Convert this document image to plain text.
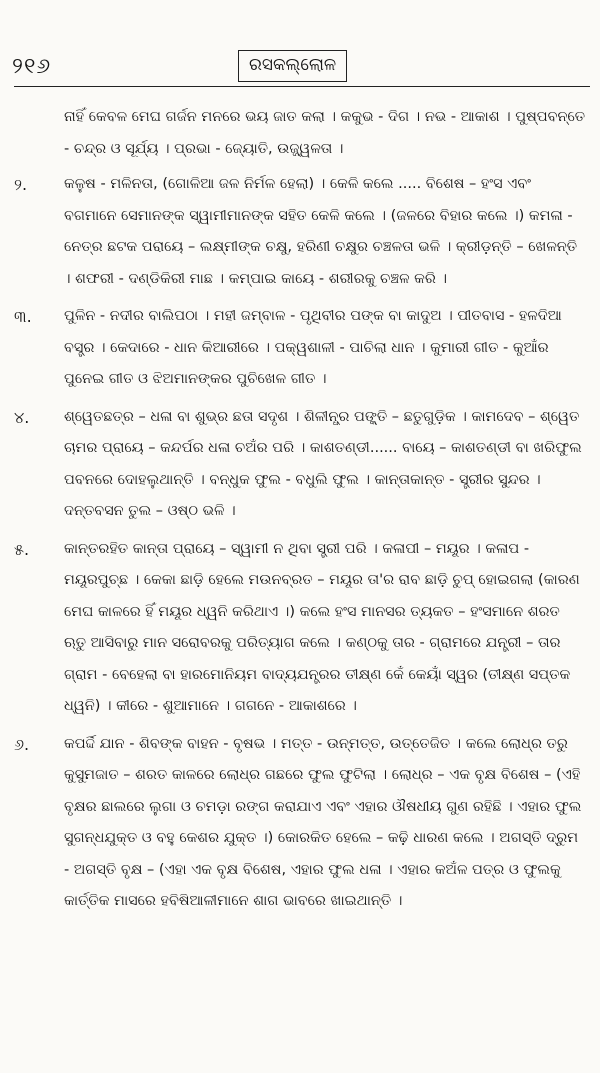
୨୧୬	ରସକଲ୍ଲୋଳ
ନାହିଁ କେବଳ ମେଘ ଗର୍ଜନ ମନରେ ଭୟ ଜାତ କଲା । କକୁଭ - ଦିଗ । ନଭ - ଆକାଶ । ପୁଷ୍ପବନ୍ତେ - ଚନ୍ଦ୍ର ଓ ସୂର୍ଯ୍ୟ । ପ୍ରଭା - ଜ୍ୟୋତି, ଉଜ୍ଜ୍ୱଳତା ।
୨.	କଳୁଷ - ମଳିନତା, (ଗୋଳିଆ ଜଳ ନିର୍ମଳ ହେଲା) । କେଳି କଲେ ..... ବିଶେଷ – ହଂସ ଏବଂ ବଗମାନେ ସେମାନଙ୍କ ସ୍ୱାମୀମାନଙ୍କ ସହିତ କେଳି କଲେ । (ଜଳରେ ବିହାର କଲେ ।) କମଳା - ନେତ୍ର ଛଟକ ପରାୟେ – ଲକ୍ଷ୍ମୀଙ୍କ ଚକ୍ଷୁ, ହରିଣୀ ଚକ୍ଷୁର ଚଞ୍ଚଳତା ଭଳି । କ୍ରୀଡ଼ନ୍ତି – ଖେଳନ୍ତି । ଶଫରୀ - ଦଣ୍ଡିକିରୀ ମାଛ । କମ୍ପାଇ କାୟେ - ଶରୀରକୁ ଚଞ୍ଚଳ କରି ।
୩. ପୁଳିନ - ନଦୀର ବାଲିପଠା । ମହୀ ଜମ୍ବାଳ - ପୃଥିବୀର ପଙ୍କ ବା କାଦୁଅ । ପୀତବାସ - ହଳଦିଆ ବସ୍ତ୍ର । କେଦାରେ - ଧାନ କିଆରୀରେ । ପକ୍ୱଶାଳୀ - ପାଚିଲା ଧାନ । କୁମାରୀ ଗୀତ - କୁଆଁର ପୁନେଇ ଗୀତ ଓ ଝିଅମାନଙ୍କର ପୁଚିଖେଳ ଗୀତ ।
୪. ଶ୍ୱେତଛତ୍ର – ଧଳା ବା ଶୁଭ୍ର ଛତା ସଦୃଶ । ଶିଳୀନ୍ଧ୍ର ପଙ୍କ୍ତି – ଛତୁଗୁଡ଼ିକ । କାମଦେବ – ଶ୍ୱେତ ଚାମର ପ୍ରାୟେ – କନ୍ଦର୍ପର ଧଳା ଚଅଁର ପରି । କାଶତଣ୍ଡୀ...... ବାୟେ – କାଶତଣ୍ଡୀ ବା ଖରିଫୁଲ ପବନରେ ଦୋହଲୁଥାନ୍ତି । ବନ୍ଧୁକ ଫୁଲ - ବଧୁଲି ଫୁଲ । କାନ୍ତାକାନ୍ତ - ସ୍ତ୍ରୀର ସୁନ୍ଦର । ଦନ୍ତବସନ ତୁଲ – ଓଷ୍ଠ ଭଳି ।
୫. କାନ୍ତରହିତ କାନ୍ତା ପ୍ରାୟେ – ସ୍ୱାମୀ ନ ଥିବା ସ୍ତ୍ରୀ ପରି । କଳାପୀ – ମୟୂର । କଳାପ - ମୟୂରପୁଚ୍ଛ । କେକା ଛାଡ଼ି ହେଲେ ମଉନବ୍ରତ – ମୟୂର ତା'ର ରାବ ଛାଡ଼ି ଚୁପ୍ ହୋଇଗଲା (କାରଣ ମେଘ କାଳରେ ହିଁ ମୟୂର ଧ୍ୱନି କରିଥାଏ ।) କଲେ ହଂସ ମାନସର ତ୍ୟକତ – ହଂସମାନେ ଶରତ ଋତୁ ଆସିବାରୁ ମାନ ସରୋବରକୁ ପରିତ୍ୟାଗ କଲେ । କଣ୍ଠକୁ ତାର - ଗ୍ରାମରେ ଯନ୍ତ୍ରୀ – ତାର ଗ୍ରାମ - ବେହେଲା ବା ହାରମୋନିୟମ ବାଦ୍ୟଯନ୍ତ୍ରର ତୀକ୍ଷ୍ଣ କେଁ କେୟାଁ ସ୍ୱର (ତୀକ୍ଷ୍ଣ ସପ୍ତକ ଧ୍ୱନି) । କୀରେ - ଶୁଆମାନେ । ଗଗନେ - ଆକାଶରେ ।
୬. କପର୍ଦ୍ଦି ଯାନ - ଶିବଙ୍କ ବାହନ - ବୃଷଭ । ମତ୍ତ - ଉନ୍ମତ୍ତ, ଉତ୍ତେଜିତ । କଲେ ଲୋଧ୍ର ତରୁ କୁସୁମଜାତ – ଶରତ କାଳରେ ଲୋଧ୍ର ଗଛରେ ଫୁଲ ଫୁଟିଲା । ଲୋଧ୍ର – ଏକ ବୃକ୍ଷ ବିଶେଷ – (ଏହି ବୃକ୍ଷର ଛାଲରେ ଲୁଗା ଓ ଚମଡ଼ା ରଙ୍ଗ କରାଯାଏ ଏବଂ ଏହାର ଔଷଧୀୟ ଗୁଣ ରହିଛି । ଏହାର ଫୁଲ ସୁଗନ୍ଧଯୁକ୍ତ ଓ ବହୁ କେଶର ଯୁକ୍ତ ।) କୋରକିତ ହେଲେ – କଢ଼ି ଧାରଣ କଲେ । ଅଗସ୍ତି ଦ୍ରୁମ - ଅଗସ୍ତି ବୃକ୍ଷ – (ଏହା ଏକ ବୃକ୍ଷ ବିଶେଷ, ଏହାର ଫୁଲ ଧଳା । ଏହାର କଅଁଳ ପତ୍ର ଓ ଫୁଲକୁ କାର୍ତ୍ତିକ ମାସରେ ହବିଷିଆଳୀମାନେ ଶାଗ ଭାବରେ ଖାଇଥାନ୍ତି ।
